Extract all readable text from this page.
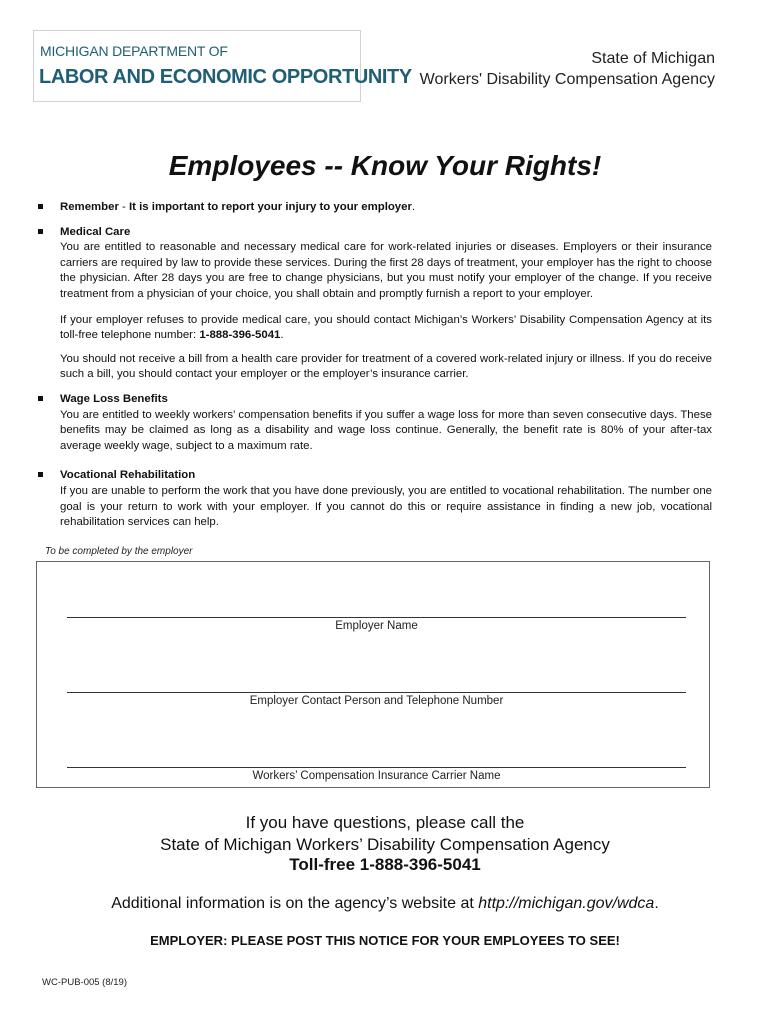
MICHIGAN DEPARTMENT OF
LABOR AND ECONOMIC OPPORTUNITY
State of Michigan
Workers' Disability Compensation Agency
Employees -- Know Your Rights!

Remember - It is important to report your injury to your employer.

Medical Care

You are entitled to reasonable and necessary medical care for work-related injuries or diseases. Employers or their insurance carriers are required by law to provide these services. During the first 28 days of treatment, your employer has the right to choose the physician. After 28 days you are free to change physicians, but you must notify your employer of the change. If you receive treatment from a physician of your choice, you shall obtain and promptly furnish a report to your employer.

If your employer refuses to provide medical care, you should contact Michigan’s Workers’ Disability Compensation Agency at its toll-free telephone number: 1-888-396-5041.

You should not receive a bill from a health care provider for treatment of a covered work-related injury or illness. If you do receive such a bill, you should contact your employer or the employer’s insurance carrier.

Wage Loss Benefits

You are entitled to weekly workers’ compensation benefits if you suffer a wage loss for more than seven consecutive days. These benefits may be claimed as long as a disability and wage loss continue. Generally, the benefit rate is 80% of your after-tax average weekly wage, subject to a maximum rate.

Vocational Rehabilitation

If you are unable to perform the work that you have done previously, you are entitled to vocational rehabilitation. The number one goal is your return to work with your employer. If you cannot do this or require assistance in finding a new job, vocational rehabilitation services can help.

To be completed by the employer
Employer Name
Employer Contact Person and Telephone Number
Workers’ Compensation Insurance Carrier Name
If you have questions, please call the
State of Michigan Workers’ Disability Compensation Agency
Toll-free 1-888-396-5041
Additional information is on the agency’s website at http://michigan.gov/wdca.
EMPLOYER: PLEASE POST THIS NOTICE FOR YOUR EMPLOYEES TO SEE!
WC-PUB-005 (8/19)
